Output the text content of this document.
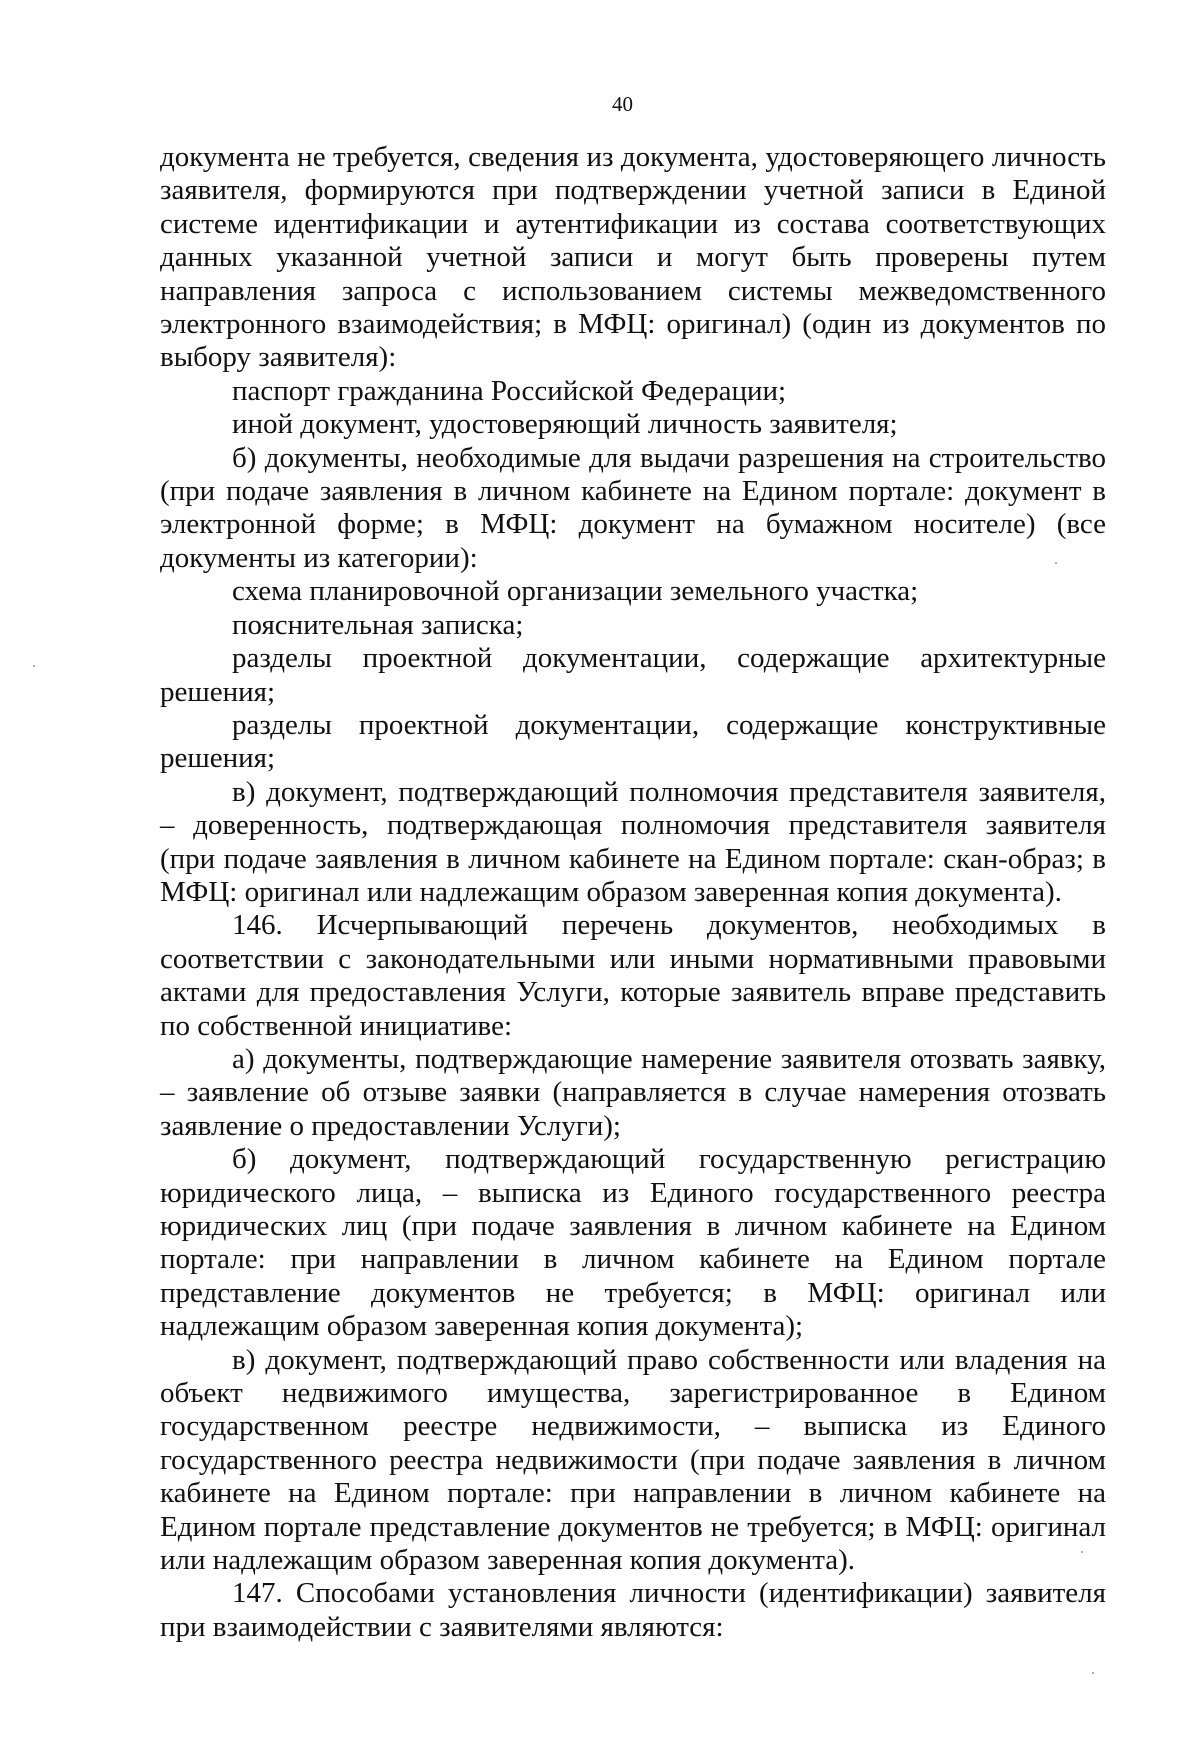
40

документа не требуется, сведения из документа, удостоверяющего личность заявителя, формируются при подтверждении учетной записи в Единой системе идентификации и аутентификации из состава соответствующих данных указанной учетной записи и могут быть проверены путем направления запроса с использованием системы межведомственного электронного взаимодействия; в МФЦ: оригинал) (один из документов по выбору заявителя):

паспорт гражданина Российской Федерации;

иной документ, удостоверяющий личность заявителя;

б) документы, необходимые для выдачи разрешения на строительство (при подаче заявления в личном кабинете на Едином портале: документ в электронной форме; в МФЦ: документ на бумажном носителе) (все документы из категории):

схема планировочной организации земельного участка;

пояснительная записка;

разделы проектной документации, содержащие архитектурные решения;

разделы проектной документации, содержащие конструктивные решения;

в) документ, подтверждающий полномочия представителя заявителя, – доверенность, подтверждающая полномочия представителя заявителя (при подаче заявления в личном кабинете на Едином портале: скан-образ; в МФЦ: оригинал или надлежащим образом заверенная копия документа).

146. Исчерпывающий перечень документов, необходимых в соответствии с законодательными или иными нормативными правовыми актами для предоставления Услуги, которые заявитель вправе представить по собственной инициативе:

а) документы, подтверждающие намерение заявителя отозвать заявку, – заявление об отзыве заявки (направляется в случае намерения отозвать заявление о предоставлении Услуги);

б) документ, подтверждающий государственную регистрацию юридического лица, – выписка из Единого государственного реестра юридических лиц (при подаче заявления в личном кабинете на Едином портале: при направлении в личном кабинете на Едином портале представление документов не требуется; в МФЦ: оригинал или надлежащим образом заверенная копия документа);

в) документ, подтверждающий право собственности или владения на объект недвижимого имущества, зарегистрированное в Едином государственном реестре недвижимости, – выписка из Единого государственного реестра недвижимости (при подаче заявления в личном кабинете на Едином портале: при направлении в личном кабинете на Едином портале представление документов не требуется; в МФЦ: оригинал или надлежащим образом заверенная копия документа).

147. Способами установления личности (идентификации) заявителя при взаимодействии с заявителями являются:
